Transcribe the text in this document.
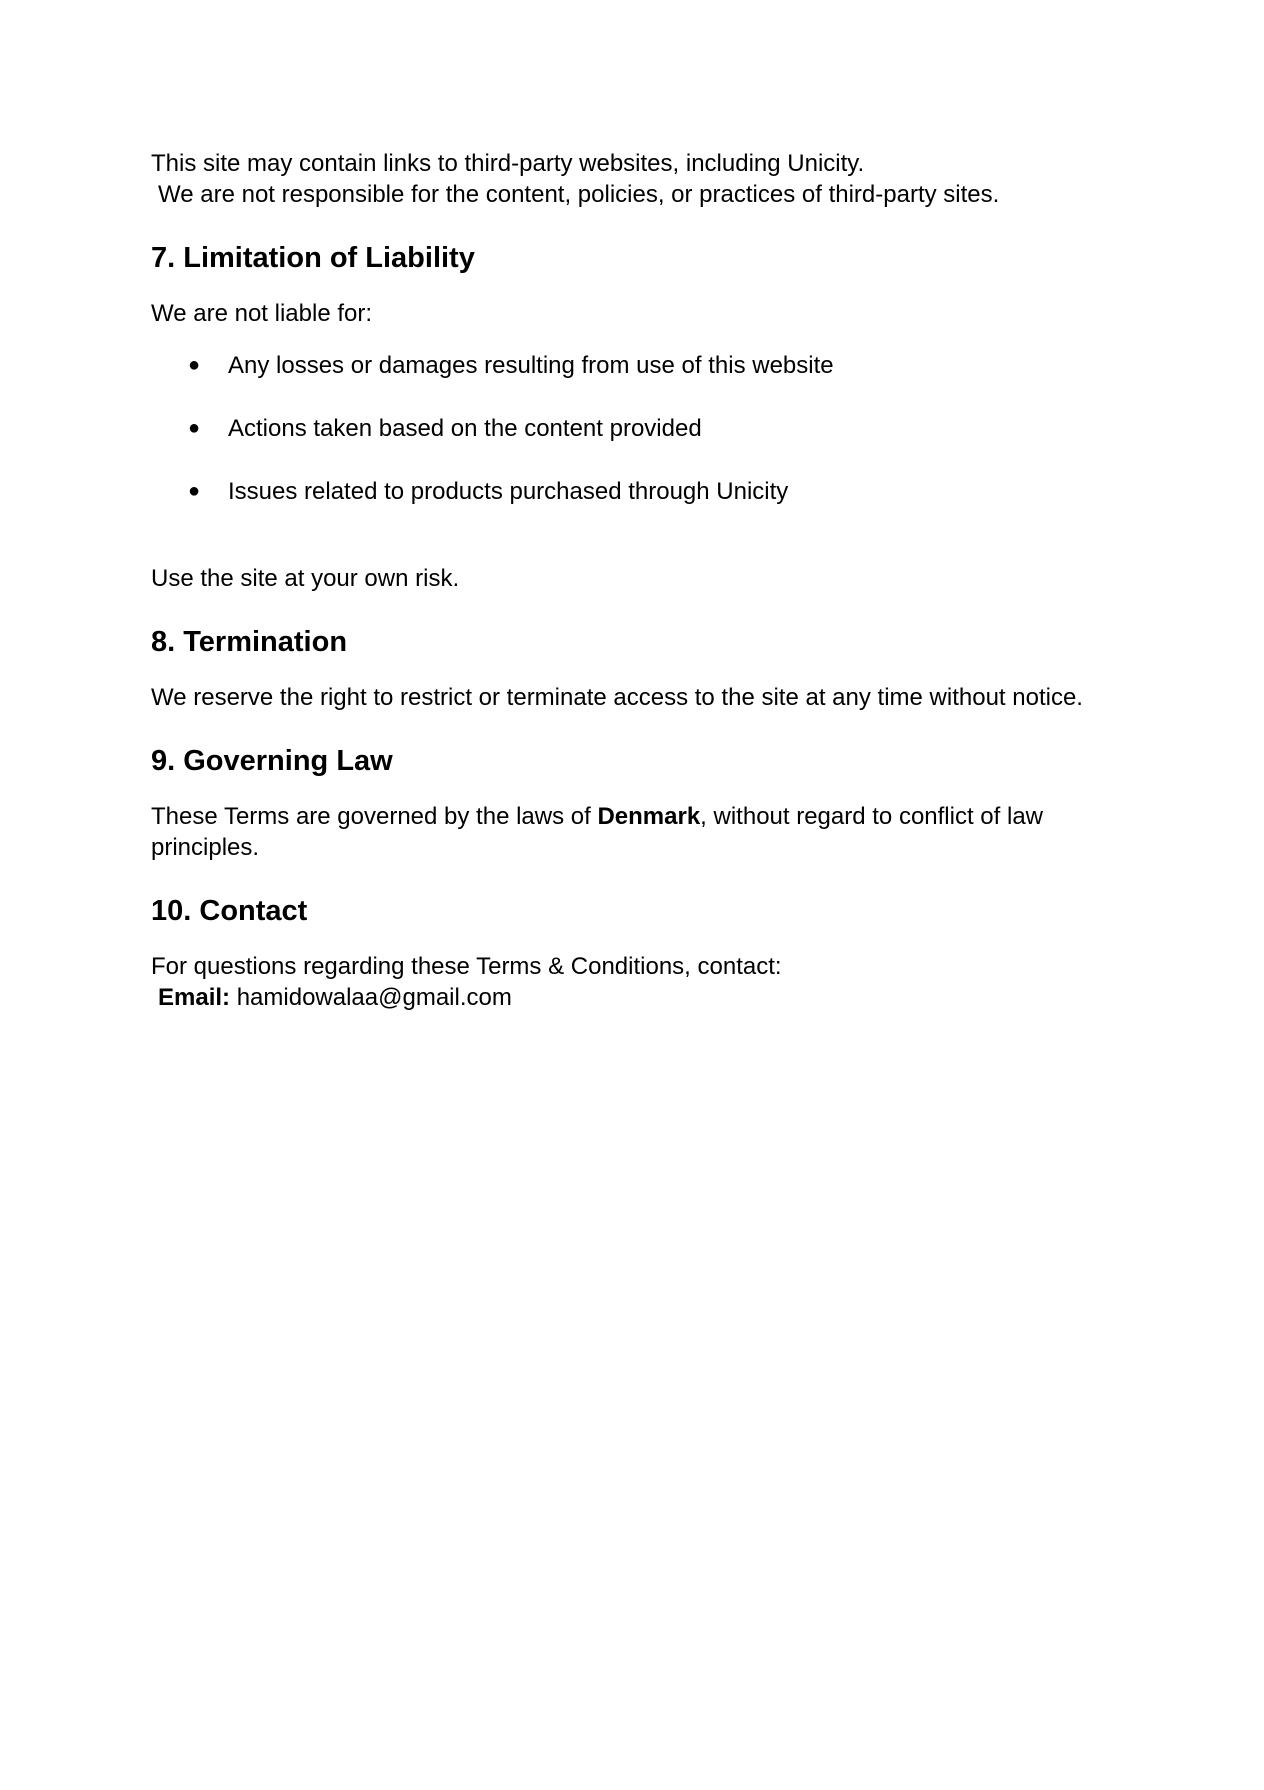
This site may contain links to third-party websites, including Unicity.
We are not responsible for the content, policies, or practices of third-party sites.

7. Limitation of Liability

We are not liable for:

● Any losses or damages resulting from use of this website
● Actions taken based on the content provided
● Issues related to products purchased through Unicity

Use the site at your own risk.

8. Termination

We reserve the right to restrict or terminate access to the site at any time without notice.

9. Governing Law

These Terms are governed by the laws of Denmark, without regard to conflict of law principles.

10. Contact

For questions regarding these Terms & Conditions, contact:
Email: hamidowalaa@gmail.com
